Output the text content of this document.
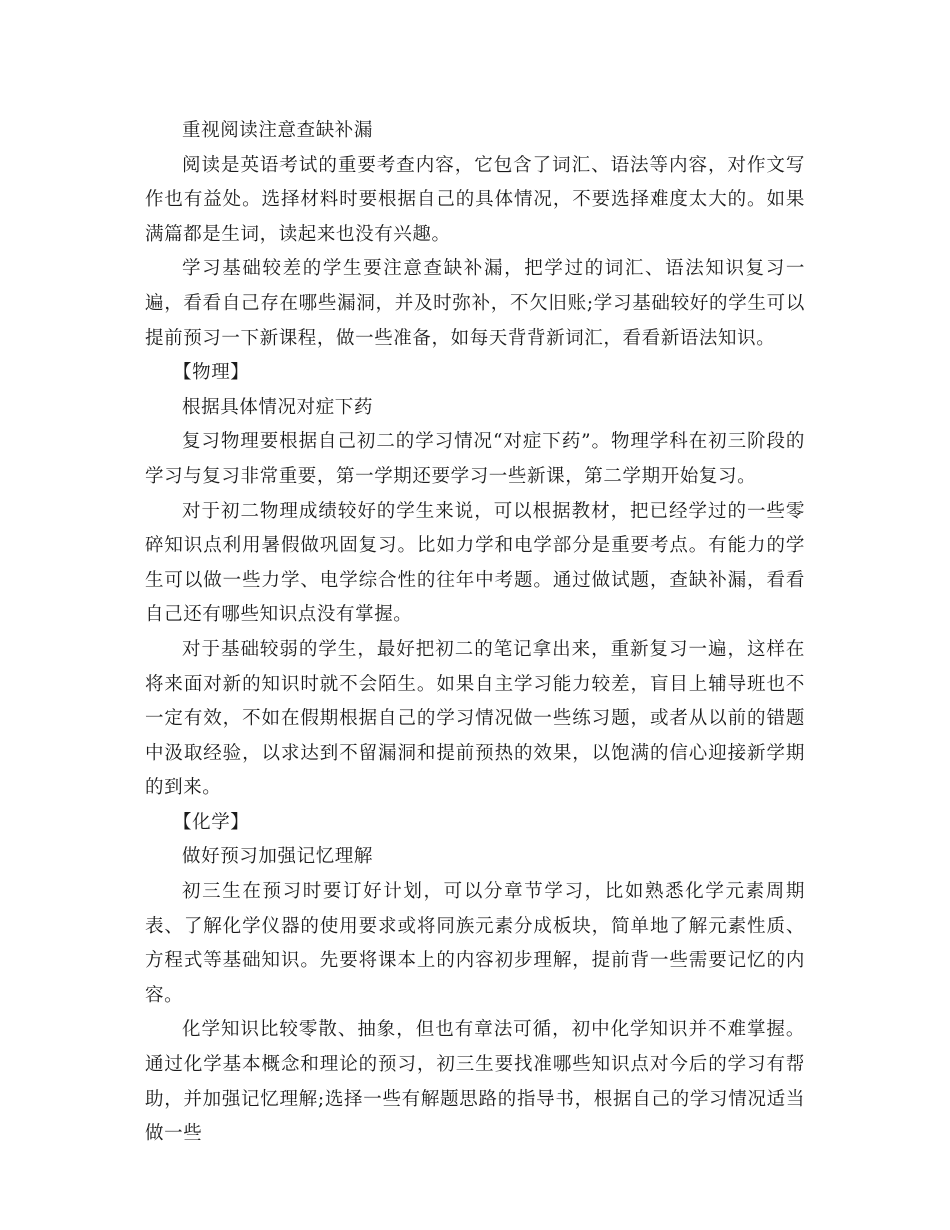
重视阅读注意查缺补漏

阅读是英语考试的重要考查内容，它包含了词汇、语法等内容，对作文写作也有益处。选择材料时要根据自己的具体情况，不要选择难度太大的。如果满篇都是生词，读起来也没有兴趣。

学习基础较差的学生要注意查缺补漏，把学过的词汇、语法知识复习一遍，看看自己存在哪些漏洞，并及时弥补，不欠旧账;学习基础较好的学生可以提前预习一下新课程，做一些准备，如每天背背新词汇，看看新语法知识。

【物理】

根据具体情况对症下药

复习物理要根据自己初二的学习情况“对症下药”。物理学科在初三阶段的学习与复习非常重要，第一学期还要学习一些新课，第二学期开始复习。

对于初二物理成绩较好的学生来说，可以根据教材，把已经学过的一些零碎知识点利用暑假做巩固复习。比如力学和电学部分是重要考点。有能力的学生可以做一些力学、电学综合性的往年中考题。通过做试题，查缺补漏，看看自己还有哪些知识点没有掌握。

对于基础较弱的学生，最好把初二的笔记拿出来，重新复习一遍，这样在将来面对新的知识时就不会陌生。如果自主学习能力较差，盲目上辅导班也不一定有效，不如在假期根据自己的学习情况做一些练习题，或者从以前的错题中汲取经验，以求达到不留漏洞和提前预热的效果，以饱满的信心迎接新学期的到来。

【化学】

做好预习加强记忆理解

初三生在预习时要订好计划，可以分章节学习，比如熟悉化学元素周期表、了解化学仪器的使用要求或将同族元素分成板块，简单地了解元素性质、方程式等基础知识。先要将课本上的内容初步理解，提前背一些需要记忆的内容。

化学知识比较零散、抽象，但也有章法可循，初中化学知识并不难掌握。通过化学基本概念和理论的预习，初三生要找准哪些知识点对今后的学习有帮助，并加强记忆理解;选择一些有解题思路的指导书，根据自己的学习情况适当做一些
